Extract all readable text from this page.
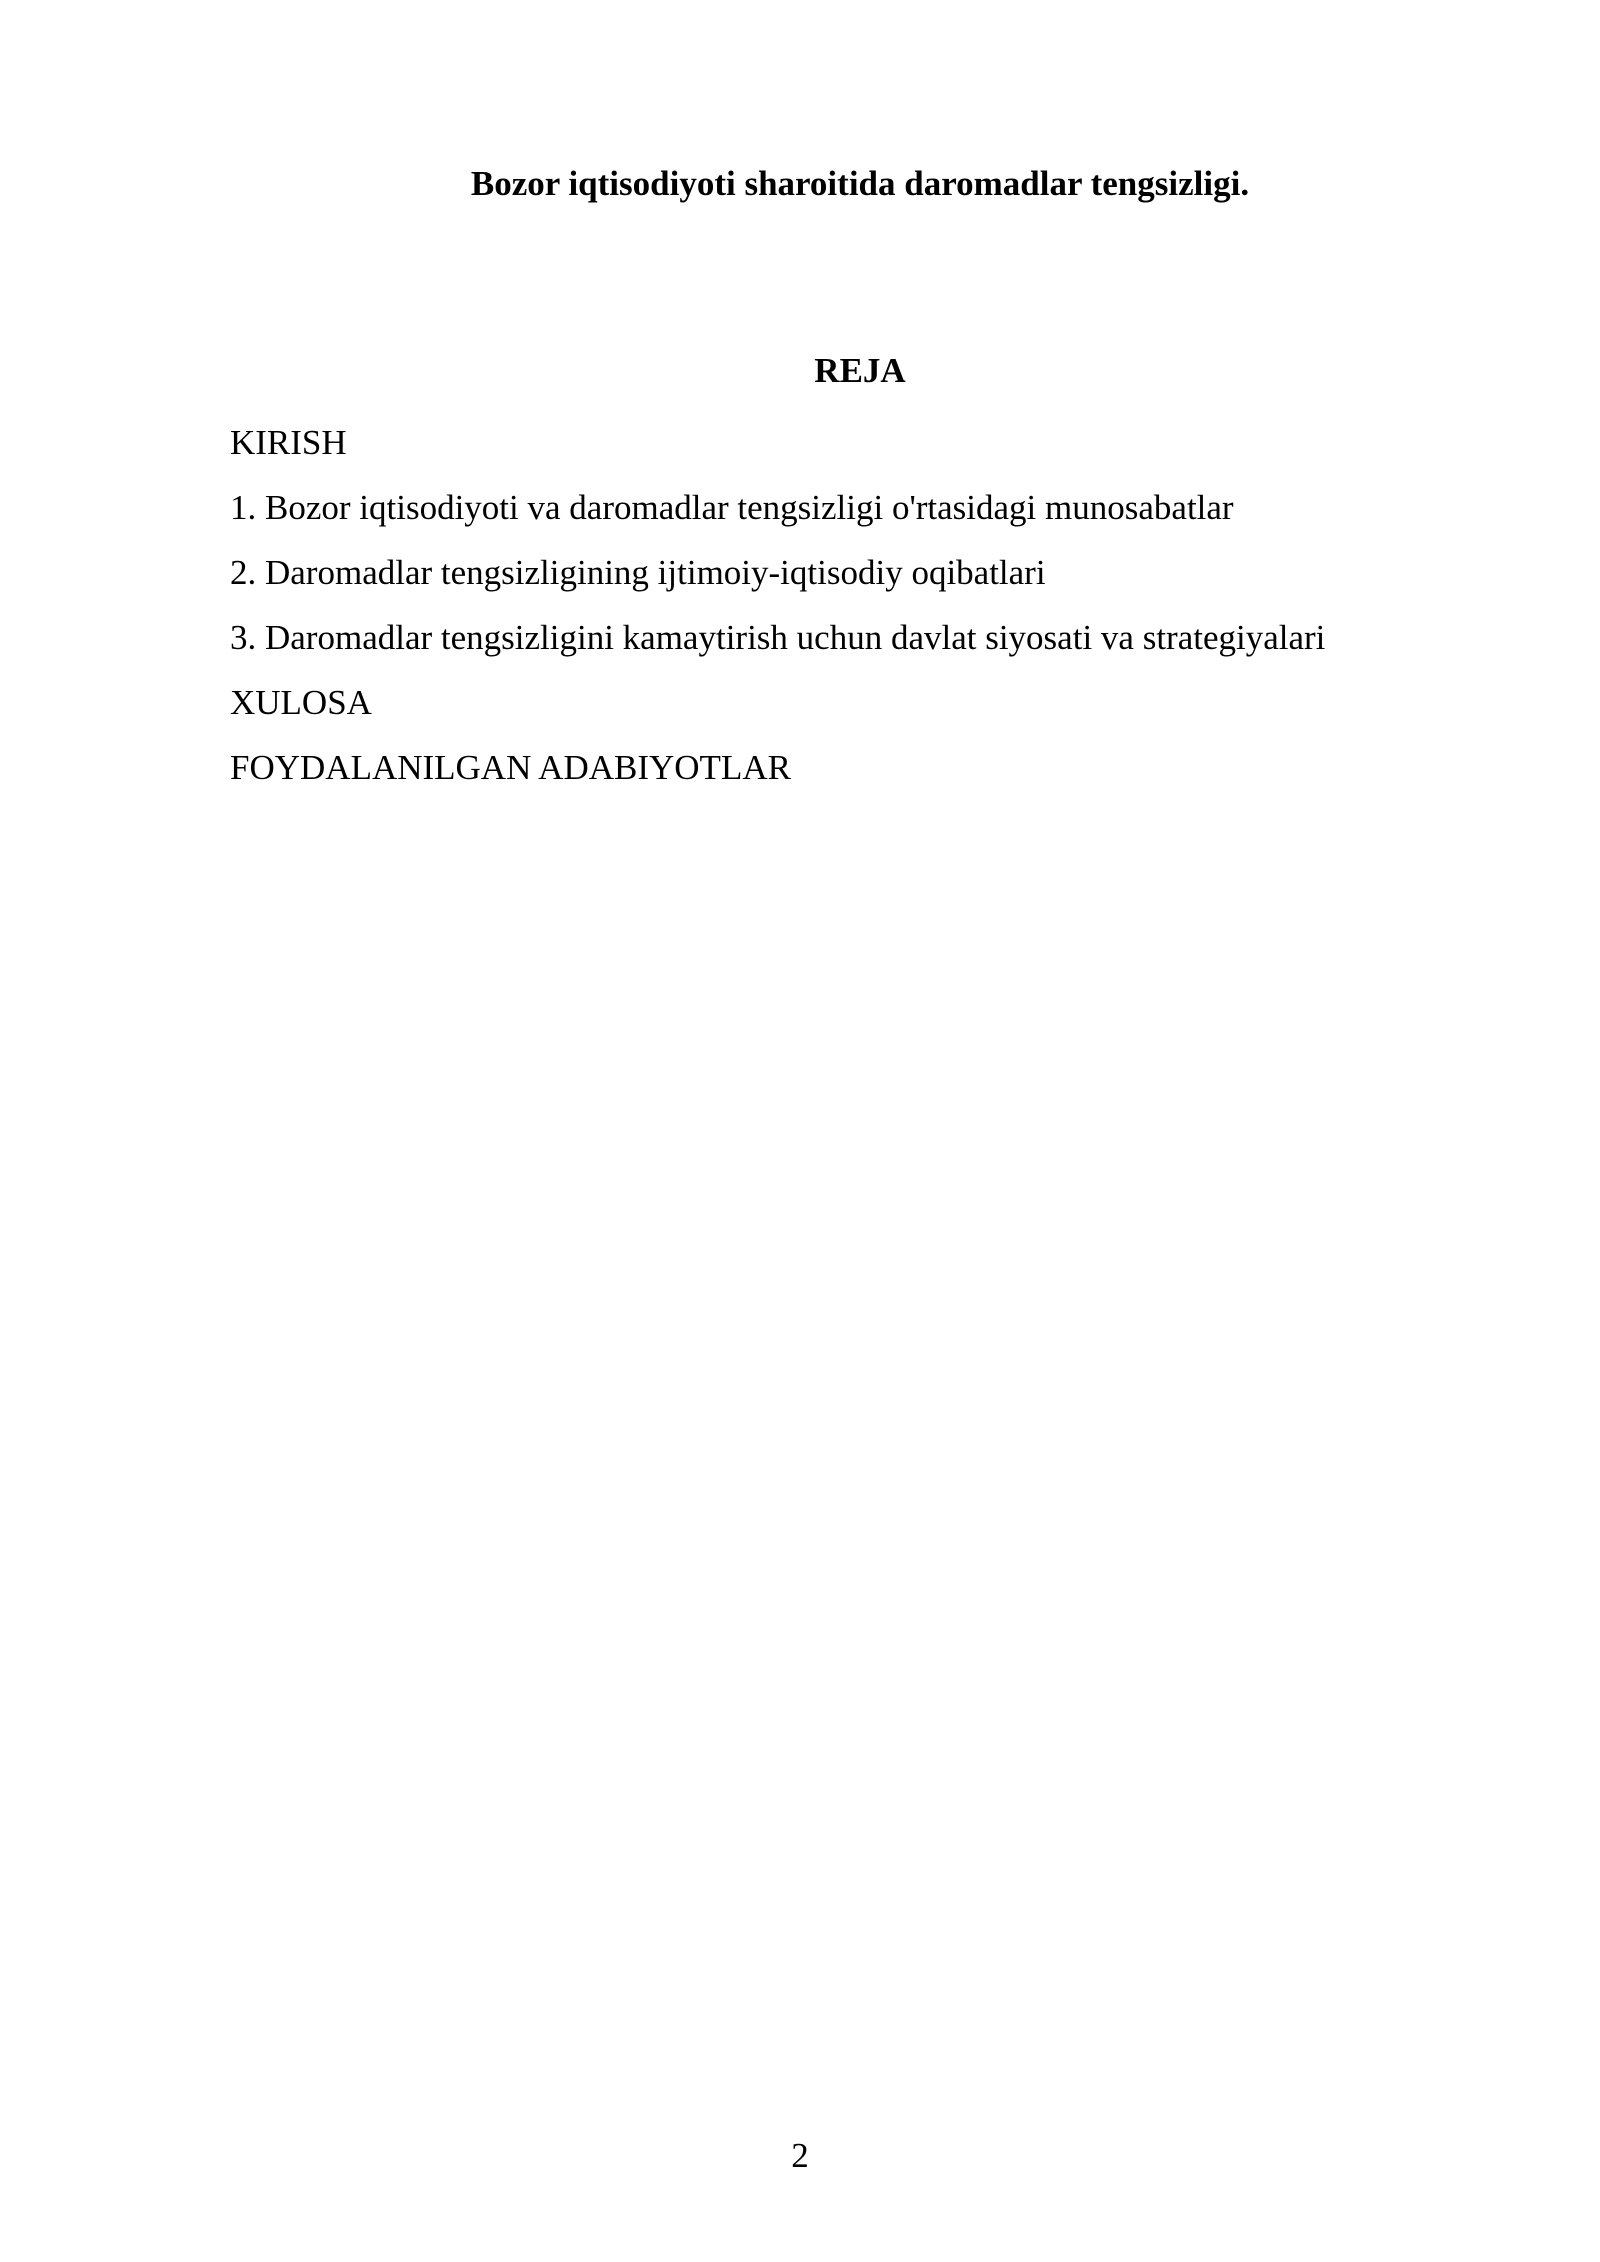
Bozor iqtisodiyoti sharoitida daromadlar tengsizligi.
REJA
KIRISH
1. Bozor iqtisodiyoti va daromadlar tengsizligi o'rtasidagi munosabatlar
2. Daromadlar tengsizligining ijtimoiy-iqtisodiy oqibatlari
3. Daromadlar tengsizligini kamaytirish uchun davlat siyosati va strategiyalari
XULOSA
FOYDALANILGAN ADABIYOTLAR
2
